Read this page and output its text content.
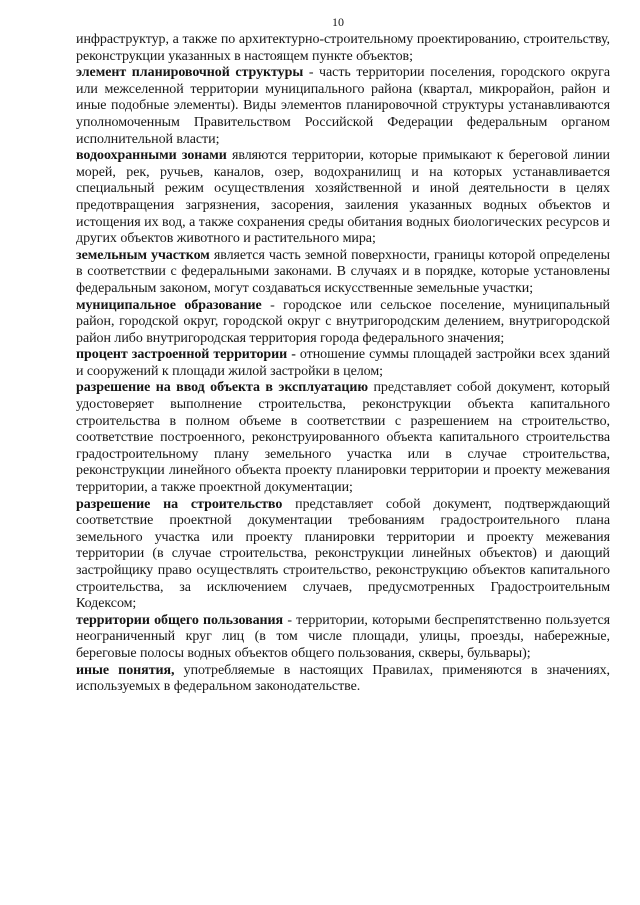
10

инфраструктур, а также по архитектурно-строительному проектированию, строительству, реконструкции указанных в настоящем пункте объектов;

элемент планировочной структуры - часть территории поселения, городского округа или межселенной территории муниципального района (квартал, микрорайон, район и иные подобные элементы). Виды элементов планировочной структуры устанавливаются уполномоченным Правительством Российской Федерации федеральным органом исполнительной власти;

водоохранными зонами являются территории, которые примыкают к береговой линии морей, рек, ручьев, каналов, озер, водохранилищ и на которых устанавливается специальный режим осуществления хозяйственной и иной деятельности в целях предотвращения загрязнения, засорения, заиления указанных водных объектов и истощения их вод, а также сохранения среды обитания водных биологических ресурсов и других объектов животного и растительного мира;

земельным участком является часть земной поверхности, границы которой определены в соответствии с федеральными законами. В случаях и в порядке, которые установлены федеральным законом, могут создаваться искусственные земельные участки;

муниципальное образование - городское или сельское поселение, муниципальный район, городской округ, городской округ с внутригородским делением, внутригородской район либо внутригородская территория города федерального значения;

процент застроенной территории - отношение суммы площадей застройки всех зданий и сооружений к площади жилой застройки в целом;

разрешение на ввод объекта в эксплуатацию представляет собой документ, который удостоверяет выполнение строительства, реконструкции объекта капитального строительства в полном объеме в соответствии с разрешением на строительство, соответствие построенного, реконструированного объекта капитального строительства градостроительному плану земельного участка или в случае строительства, реконструкции линейного объекта проекту планировки территории и проекту межевания территории, а также проектной документации;

разрешение на строительство представляет собой документ, подтверждающий соответствие проектной документации требованиям градостроительного плана земельного участка или проекту планировки территории и проекту межевания территории (в случае строительства, реконструкции линейных объектов) и дающий застройщику право осуществлять строительство, реконструкцию объектов капитального строительства, за исключением случаев, предусмотренных Градостроительным Кодексом;

территории общего пользования - территории, которыми беспрепятственно пользуется неограниченный круг лиц (в том числе площади, улицы, проезды, набережные, береговые полосы водных объектов общего пользования, скверы, бульвары);

иные понятия, употребляемые в настоящих Правилах, применяются в значениях, используемых в федеральном законодательстве.
